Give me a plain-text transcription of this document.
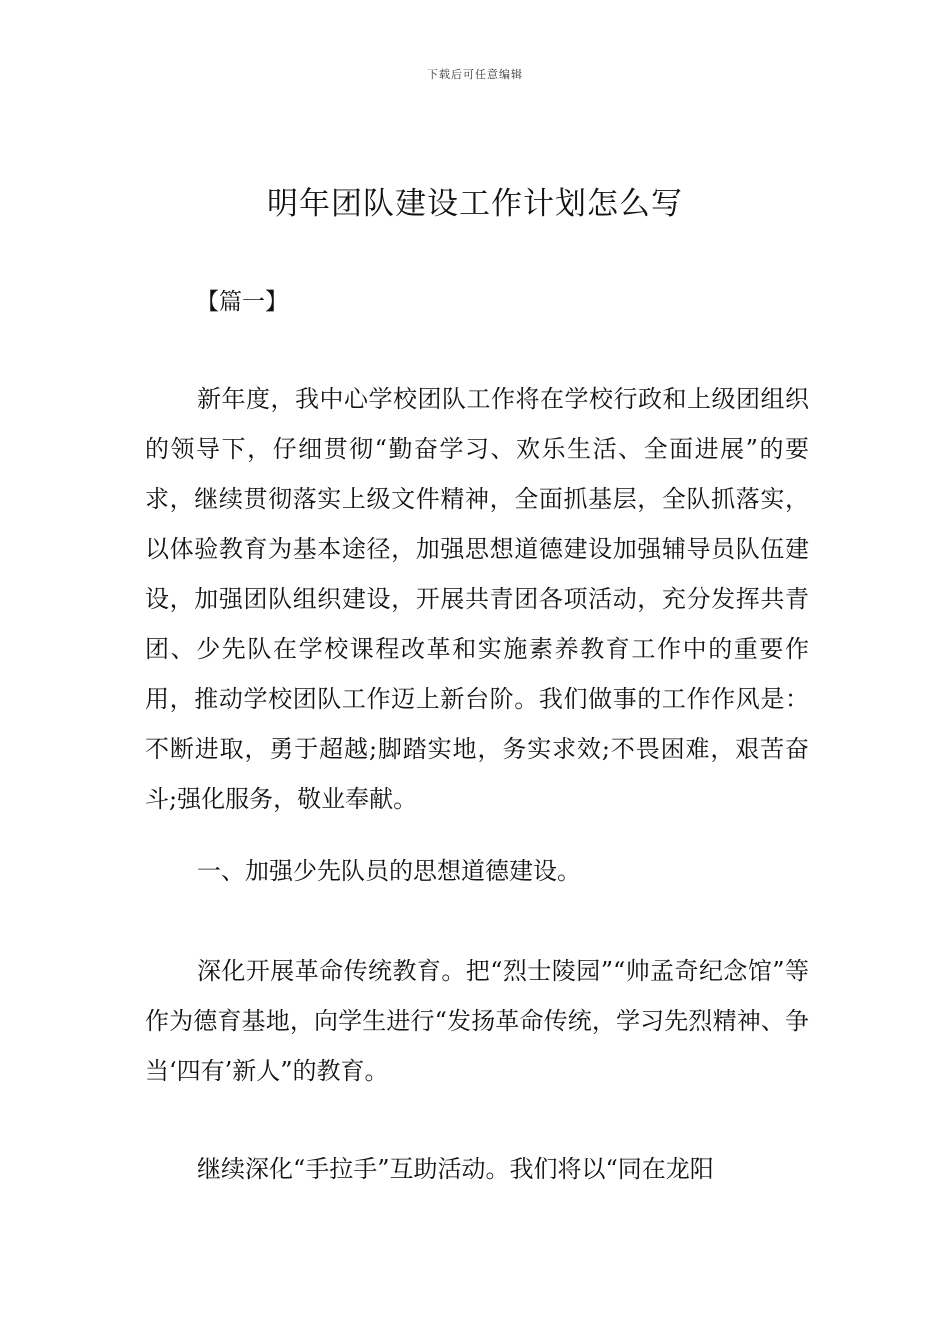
下载后可任意编辑
明年团队建设工作计划怎么写
【篇一】

新年度，我中心学校团队工作将在学校行政和上级团组织的领导下，仔细贯彻“勤奋学习、欢乐生活、全面进展”的要求，继续贯彻落实上级文件精神，全面抓基层，全队抓落实，以体验教育为基本途径，加强思想道德建设加强辅导员队伍建设，加强团队组织建设，开展共青团各项活动，充分发挥共青团、少先队在学校课程改革和实施素养教育工作中的重要作用，推动学校团队工作迈上新台阶。我们做事的工作作风是：不断进取，勇于超越;脚踏实地，务实求效;不畏困难，艰苦奋斗;强化服务，敬业奉献。

一、加强少先队员的思想道德建设。

深化开展革命传统教育。把“烈士陵园”“帅孟奇纪念馆”等作为德育基地，向学生进行“发扬革命传统，学习先烈精神、争当‘四有’新人”的教育。

继续深化“手拉手”互助活动。我们将以“同在龙阳
